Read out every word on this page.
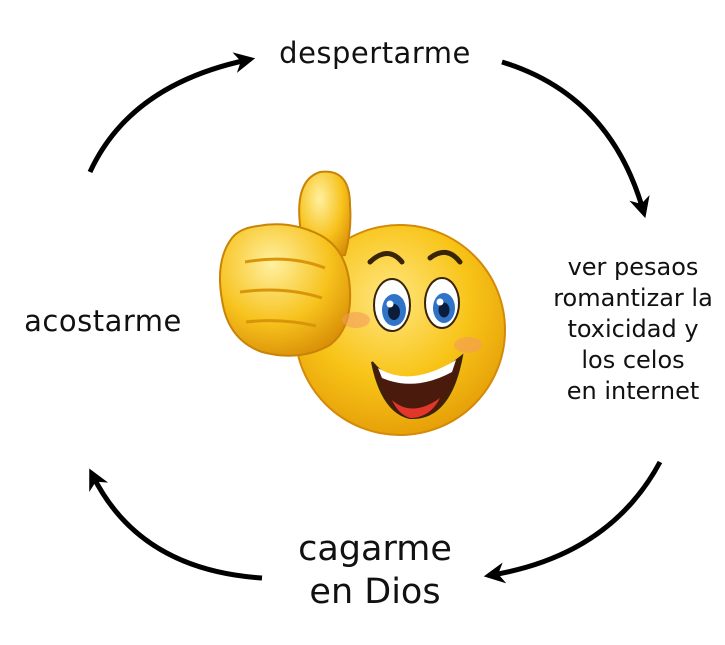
despertarme
ver pesaos
romantizar la
toxicidad y
los celos
en internet
cagarme
en Dios
acostarme
